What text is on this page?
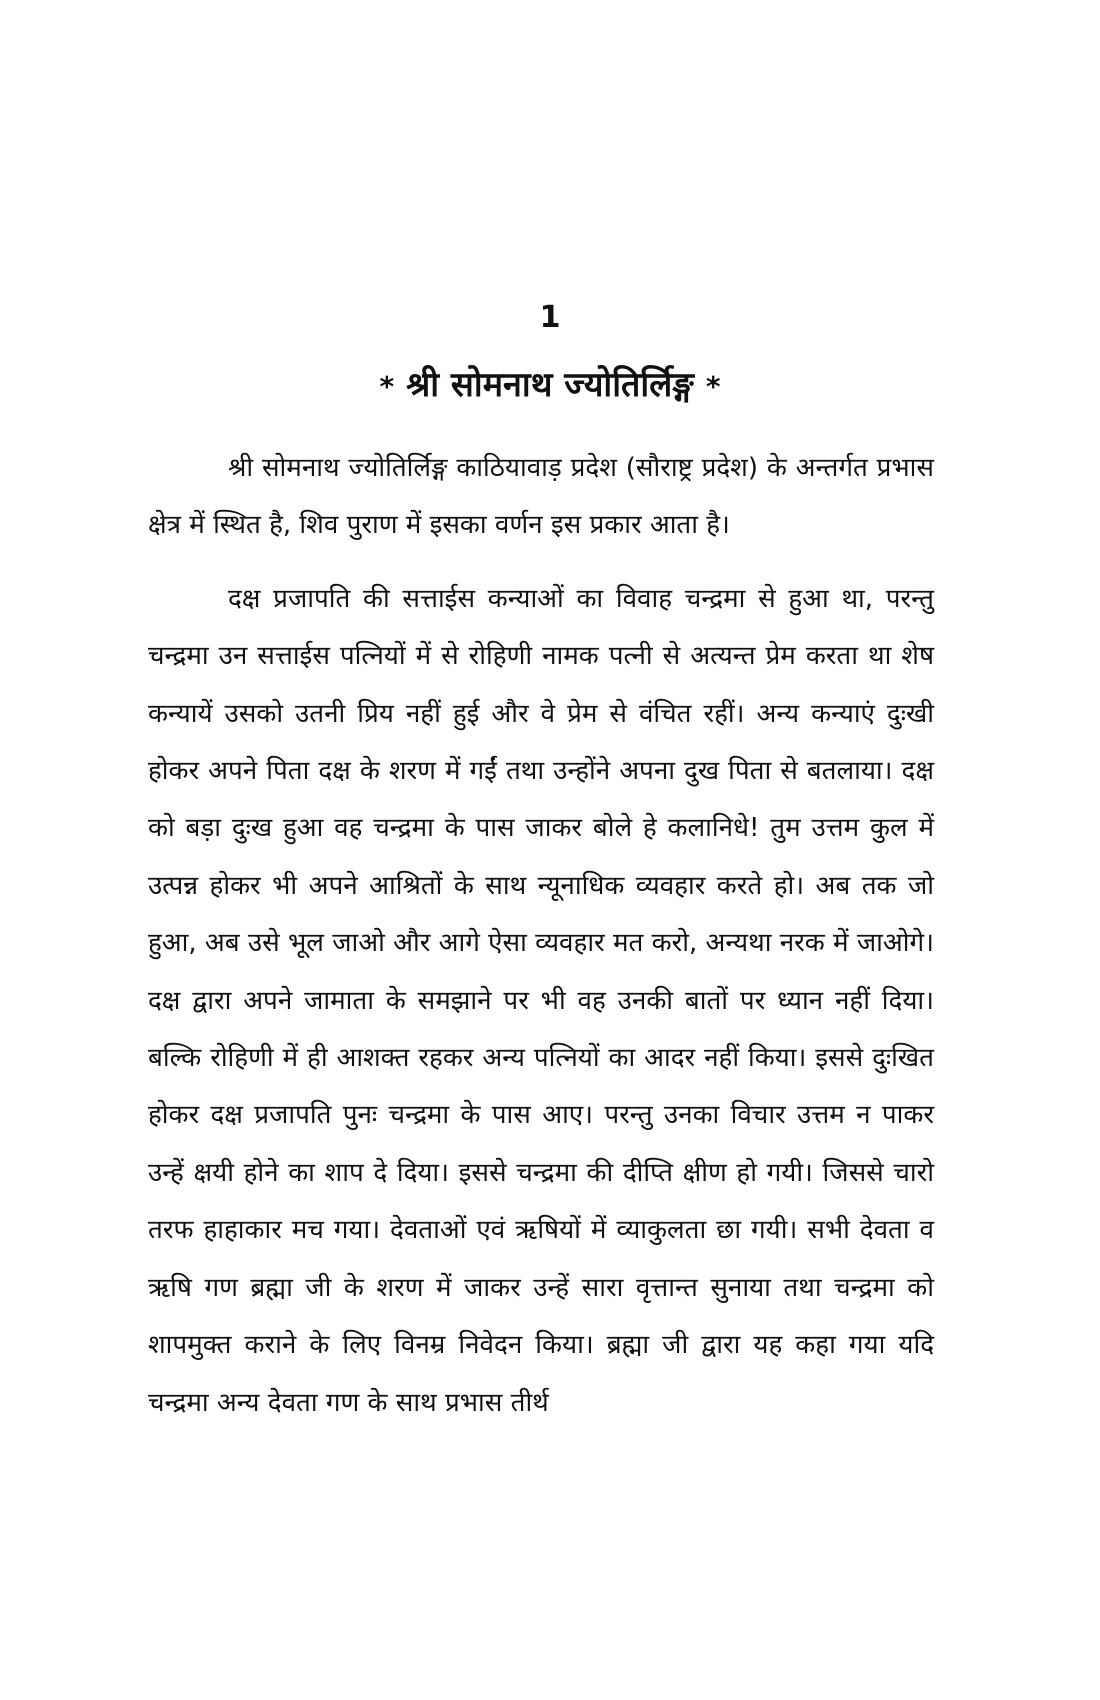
1
* श्री सोमनाथ ज्योतिर्लिङ्ग *

श्री सोमनाथ ज्योतिर्लिङ्ग काठियावाड़ प्रदेश (सौराष्ट्र प्रदेश) के अन्तर्गत प्रभास क्षेत्र में स्थित है, शिव पुराण में इसका वर्णन इस प्रकार आता है।

दक्ष प्रजापति की सत्ताईस कन्याओं का विवाह चन्द्रमा से हुआ था, परन्तु चन्द्रमा उन सत्ताईस पत्नियों में से रोहिणी नामक पत्नी से अत्यन्त प्रेम करता था शेष कन्यायें उसको उतनी प्रिय नहीं हुई और वे प्रेम से वंचित रहीं। अन्य कन्याएं दुःखी होकर अपने पिता दक्ष के शरण में गईं तथा उन्होंने अपना दुख पिता से बतलाया। दक्ष को बड़ा दुःख हुआ वह चन्द्रमा के पास जाकर बोले हे कलानिधे! तुम उत्तम कुल में उत्पन्न होकर भी अपने आश्रितों के साथ न्यूनाधिक व्यवहार करते हो। अब तक जो हुआ, अब उसे भूल जाओ और आगे ऐसा व्यवहार मत करो, अन्यथा नरक में जाओगे। दक्ष द्वारा अपने जामाता के समझाने पर भी वह उनकी बातों पर ध्यान नहीं दिया। बल्कि रोहिणी में ही आशक्त रहकर अन्य पत्नियों का आदर नहीं किया। इससे दुःखित होकर दक्ष प्रजापति पुनः चन्द्रमा के पास आए। परन्तु उनका विचार उत्तम न पाकर उन्हें क्षयी होने का शाप दे दिया। इससे चन्द्रमा की दीप्ति क्षीण हो गयी। जिससे चारो तरफ हाहाकार मच गया। देवताओं एवं ऋषियों में व्याकुलता छा गयी। सभी देवता व ऋषि गण ब्रह्मा जी के शरण में जाकर उन्हें सारा वृत्तान्त सुनाया तथा चन्द्रमा को शापमुक्त कराने के लिए विनम्र निवेदन किया। ब्रह्मा जी द्वारा यह कहा गया यदि चन्द्रमा अन्य देवता गण के साथ प्रभास तीर्थ
